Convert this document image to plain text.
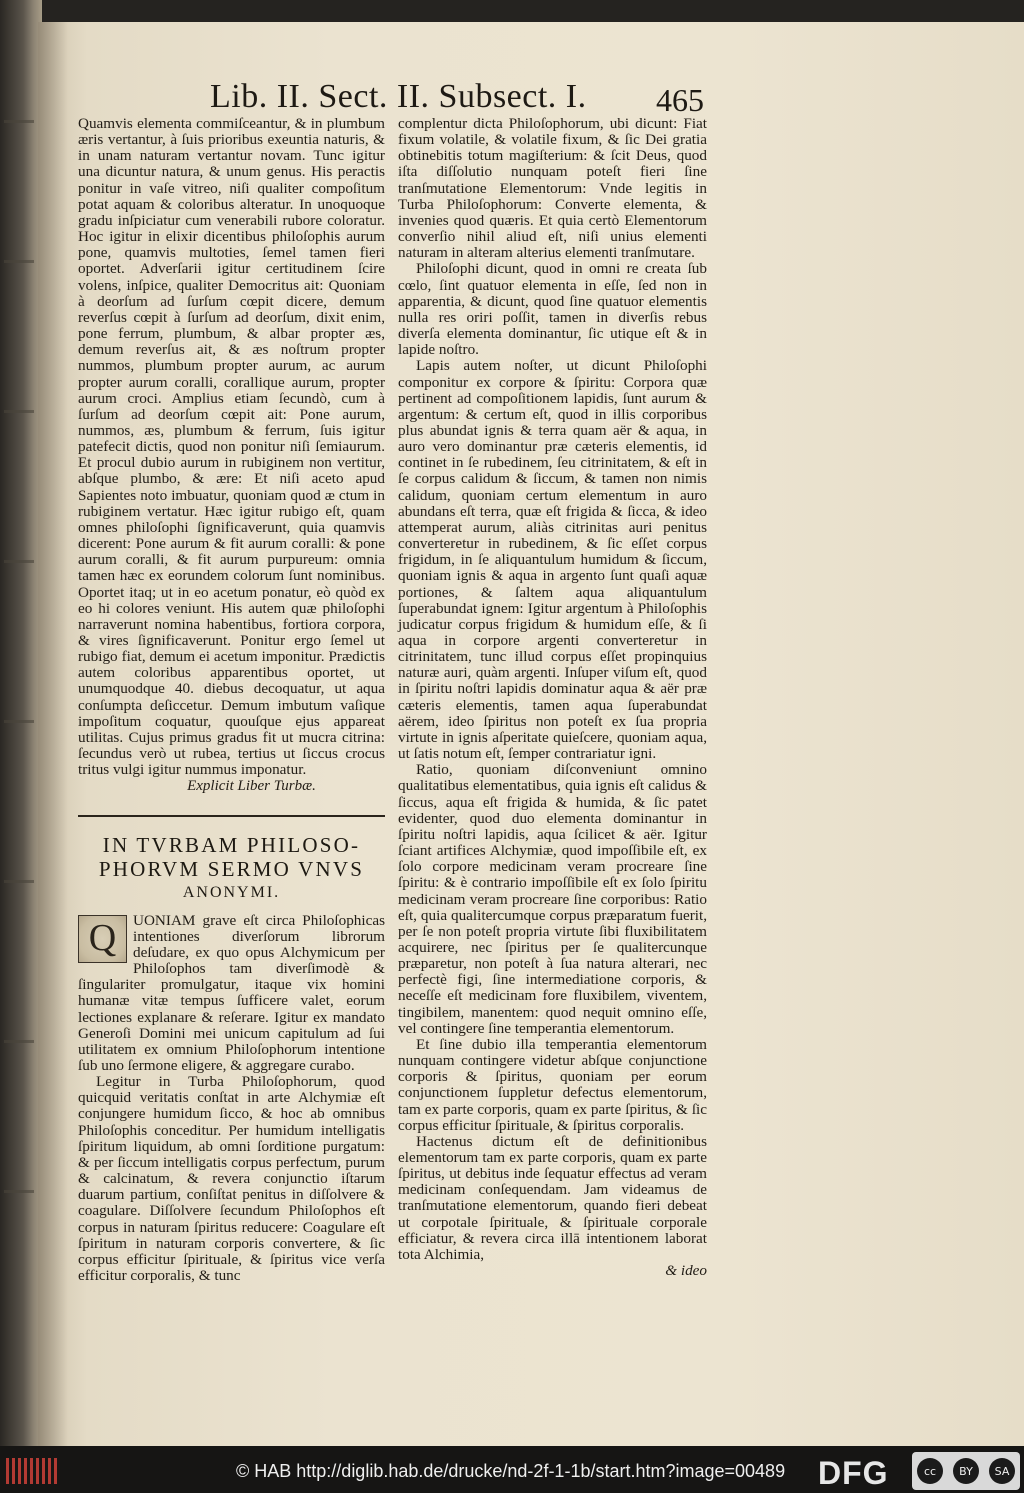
Lib. II. Sect. II. Subsect. I. 465

Quamvis elementa commiſceantur, & in plumbum æris vertantur, à ſuis prioribus exeuntia naturis, & in unam naturam vertantur novam. Tunc igitur una dicuntur natura, & unum genus. His peractis ponitur in vaſe vitreo, niſi qualiter compoſitum potat aquam & coloribus alteratur. In unoquoque gradu inſpiciatur cum venerabili rubore coloratur. Hoc igitur in elixir dicentibus philoſophis aurum pone, quamvis multoties, ſemel tamen fieri oportet. Adverſarii igitur certitudinem ſcire volens, inſpice, qualiter Democritus ait: Quoniam à deorſum ad ſurſum cœpit dicere, demum reverſus cœpit à ſurſum ad deorſum, dixit enim, pone ferrum, plumbum, & albar propter æs, demum reverſus ait, & æs noſtrum propter nummos, plumbum propter aurum, ac aurum propter aurum coralli, corallique aurum, propter aurum croci. Amplius etiam ſecundò, cum à ſurſum ad deorſum cœpit ait: Pone aurum, nummos, æs, plumbum & ferrum, ſuis igitur patefecit dictis, quod non ponitur niſi ſemiaurum. Et procul dubio aurum in rubiginem non vertitur, abſque plumbo, & ære: Et niſi aceto apud Sapientes noto imbuatur, quoniam quod æ ctum in rubiginem vertatur. Hæc igitur rubigo eſt, quam omnes philoſophi ſignificaverunt, quia quamvis dicerent: Pone aurum & fit aurum coralli: & pone aurum coralli, & fit aurum purpureum: omnia tamen hæc ex eorundem colorum ſunt nominibus. Oportet itaq; ut in eo acetum ponatur, eò quòd ex eo hi colores veniunt. His autem quæ philoſophi narraverunt nomina habentibus, fortiora corpora, & vires ſignificaverunt. Ponitur ergo ſemel ut rubigo fiat, demum ei acetum imponitur. Prædictis autem coloribus apparentibus oportet, ut unumquodque 40. diebus decoquatur, ut aqua conſumpta deſiccetur. Demum imbutum vaſique impoſitum coquatur, quouſque ejus appareat utilitas. Cujus primus gradus fit ut mucra citrina: ſecundus verò ut rubea, tertius ut ſiccus crocus tritus vulgi igitur nummus imponatur.

Explicit Liber Turbæ.

IN TVRBAM PHILOSO-
PHORVM SERMO VNVS
ANONYMI.

Q	UONIAM grave eſt circa Philoſophicas intentiones diverſorum librorum deſudare, ex quo opus Alchymicum per Philoſophos tam diverſimodè & ſingulariter promulgatur, itaque vix homini humanæ vitæ tempus ſufficere valet, eorum lectiones explanare & reſerare. Igitur ex mandato Generoſi Domini mei unicum capitulum ad ſui utilitatem ex omnium Philoſophorum intentione ſub uno ſermone eligere, & aggregare curabo.

Legitur in Turba Philoſophorum, quod quicquid veritatis conſtat in arte Alchymiæ eſt conjungere humidum ſicco, & hoc ab omnibus Philoſophis conceditur. Per humidum intelligatis ſpiritum liquidum, ab omni ſorditione purgatum: & per ſiccum intelligatis corpus perfectum, purum & calcinatum, & revera conjunctio iſtarum duarum partium, conſiſtat penitus in diſſolvere & coagulare. Diſſolvere ſecundum Philoſophos eſt corpus in naturam ſpiritus reducere: Coagulare eſt ſpiritum in naturam corporis convertere, & ſic corpus efficitur ſpirituale, & ſpiritus vice verſa efficitur corporalis, & tunc

complentur dicta Philoſophorum, ubi dicunt: Fiat fixum volatile, & volatile fixum, & ſic Dei gratia obtinebitis totum magiſterium: & ſcit Deus, quod iſta diſſolutio nunquam poteſt fieri ſine tranſmutatione Elementorum: Vnde legitis in Turba Philoſophorum: Converte elementa, & invenies quod quæris. Et quia certò Elementorum converſio nihil aliud eſt, niſi unius elementi naturam in alteram alterius elementi tranſmutare.

Philoſophi dicunt, quod in omni re creata ſub cœlo, ſint quatuor elementa in eſſe, ſed non in apparentia, & dicunt, quod ſine quatuor elementis nulla res oriri poſſit, tamen in diverſis rebus diverſa elementa dominantur, ſic utique eſt & in lapide noſtro.

Lapis autem noſter, ut dicunt Philoſophi componitur ex corpore & ſpiritu: Corpora quæ pertinent ad compoſitionem lapidis, ſunt aurum & argentum: & certum eſt, quod in illis corporibus plus abundat ignis & terra quam aër & aqua, in auro vero dominantur præ cæteris elementis, id continet in ſe rubedinem, ſeu citrinitatem, & eſt in ſe corpus calidum & ſiccum, & tamen non nimis calidum, quoniam certum elementum in auro abundans eſt terra, quæ eſt frigida & ſicca, & ideo attemperat aurum, aliàs citrinitas auri penitus converteretur in rubedinem, & ſic eſſet corpus frigidum, in ſe aliquantulum humidum & ſiccum, quoniam ignis & aqua in argento ſunt quaſi aquæ portiones, & ſaltem aqua aliquantulum ſuperabundat ignem: Igitur argentum à Philoſophis judicatur corpus frigidum & humidum eſſe, & ſi aqua in corpore argenti converteretur in citrinitatem, tunc illud corpus eſſet propinquius naturæ auri, quàm argenti. Inſuper viſum eſt, quod in ſpiritu noſtri lapidis dominatur aqua & aër præ cæteris elementis, tamen aqua ſuperabundat aërem, ideo ſpiritus non poteſt ex ſua propria virtute in ignis aſperitate quieſcere, quoniam aqua, ut ſatis notum eſt, ſemper contrariatur igni.

Ratio, quoniam diſconveniunt omnino qualitatibus elementatibus, quia ignis eſt calidus & ſiccus, aqua eſt frigida & humida, & ſic patet evidenter, quod duo elementa dominantur in ſpiritu noſtri lapidis, aqua ſcilicet & aër. Igitur ſciant artifices Alchymiæ, quod impoſſibile eſt, ex ſolo corpore medicinam veram procreare ſine ſpiritu: & è contrario impoſſibile eſt ex ſolo ſpiritu medicinam veram procreare ſine corporibus: Ratio eſt, quia qualitercumque corpus præparatum fuerit, per ſe non poteſt propria virtute ſibi fluxibilitatem acquirere, nec ſpiritus per ſe qualitercunque præparetur, non poteſt à ſua natura alterari, nec perfectè figi, ſine intermediatione corporis, & neceſſe eſt medicinam fore fluxibilem, viventem, tingibilem, manentem: quod nequit omnino eſſe, vel contingere ſine temperantia elementorum.

Et ſine dubio illa temperantia elementorum nunquam contingere videtur abſque conjunctione corporis & ſpiritus, quoniam per eorum conjunctionem ſuppletur defectus elementorum, tam ex parte corporis, quam ex parte ſpiritus, & ſic corpus efficitur ſpirituale, & ſpiritus corporalis.

Hactenus dictum eſt de definitionibus elementorum tam ex parte corporis, quam ex parte ſpiritus, ut debitus inde ſequatur effectus ad veram medicinam conſequendam. Jam videamus de tranſmutatione elementorum, quando fieri debeat ut corpotale ſpirituale, & ſpirituale corporale efficiatur, & revera circa illā intentionem laborat tota Alchimia,

& ideo

© HAB http://diglib.hab.de/drucke/nd-2f-1-1b/start.htm?image=00489 DFG	cc	BY	SA
